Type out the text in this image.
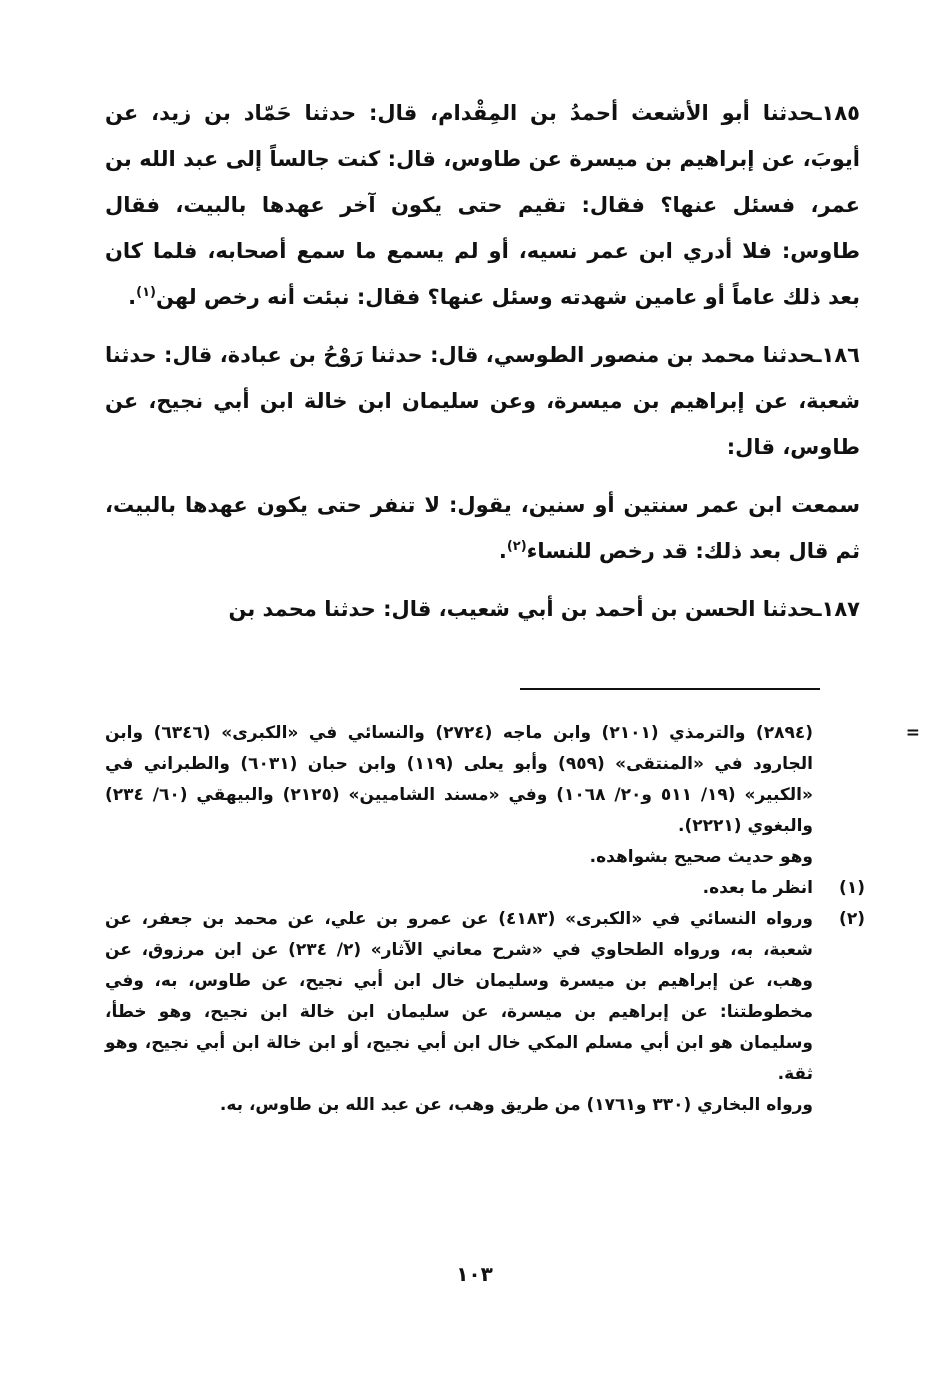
١٨٥ـحدثنا أبو الأشعث أحمدُ بن المِقْدام، قال: حدثنا حَمّاد بن زيد، عن أيوبَ، عن إبراهيم بن ميسرة عن طاوس، قال: كنت جالساً إلى عبد الله بن عمر، فسئل عنها؟ فقال: تقيم حتى يكون آخر عهدها بالبيت، فقال طاوس: فلا أدري ابن عمر نسيه، أو لم يسمع ما سمع أصحابه، فلما كان بعد ذلك عاماً أو عامين شهدته وسئل عنها؟ فقال: نبئت أنه رخص لهن$^{(١)}$.

١٨٦ـحدثنا محمد بن منصور الطوسي، قال: حدثنا رَوْحُ بن عبادة، قال: حدثنا شعبة، عن إبراهيم بن ميسرة، وعن سليمان ابن خالة ابن أبي نجيح، عن طاوس، قال:

سمعت ابن عمر سنتين أو سنين، يقول: لا تنفر حتى يكون عهدها بالبيت، ثم قال بعد ذلك: قد رخص للنساء$^{(٢)}$.

١٨٧ـحدثنا الحسن بن أحمد بن أبي شعيب، قال: حدثنا محمد بن

=

(٢٨٩٤) والترمذي (٢١٠١) وابن ماجه (٢٧٢٤) والنسائي في «الكبرى» (٦٣٤٦) وابن الجارود في «المنتقى» (٩٥٩) وأبو يعلى (١١٩) وابن حبان (٦٠٣١) والطبراني في «الكبير» (١٩/ ٥١١ و٢٠/ ١٠٦٨) وفي «مسند الشاميين» (٢١٢٥) والبيهقي (٦٠/ ٢٣٤) والبغوي (٢٢٢١).

وهو حديث صحيح بشواهده.

(١)

انظر ما بعده.

(٢)

ورواه النسائي في «الكبرى» (٤١٨٣) عن عمرو بن علي، عن محمد بن جعفر، عن شعبة، به، ورواه الطحاوي في «شرح معاني الآثار» (٢/ ٢٣٤) عن ابن مرزوق، عن وهب، عن إبراهيم بن ميسرة وسليمان خال ابن أبي نجيح، عن طاوس، به، وفي مخطوطتنا: عن إبراهيم بن ميسرة، عن سليمان ابن خالة ابن نجيح، وهو خطأ، وسليمان هو ابن أبي مسلم المكي خال ابن أبي نجيح، أو ابن خالة ابن أبي نجيح، وهو ثقة.

ورواه البخاري (٣٣٠ و١٧٦١) من طريق وهب، عن عبد الله بن طاوس، به.

١٠٣
